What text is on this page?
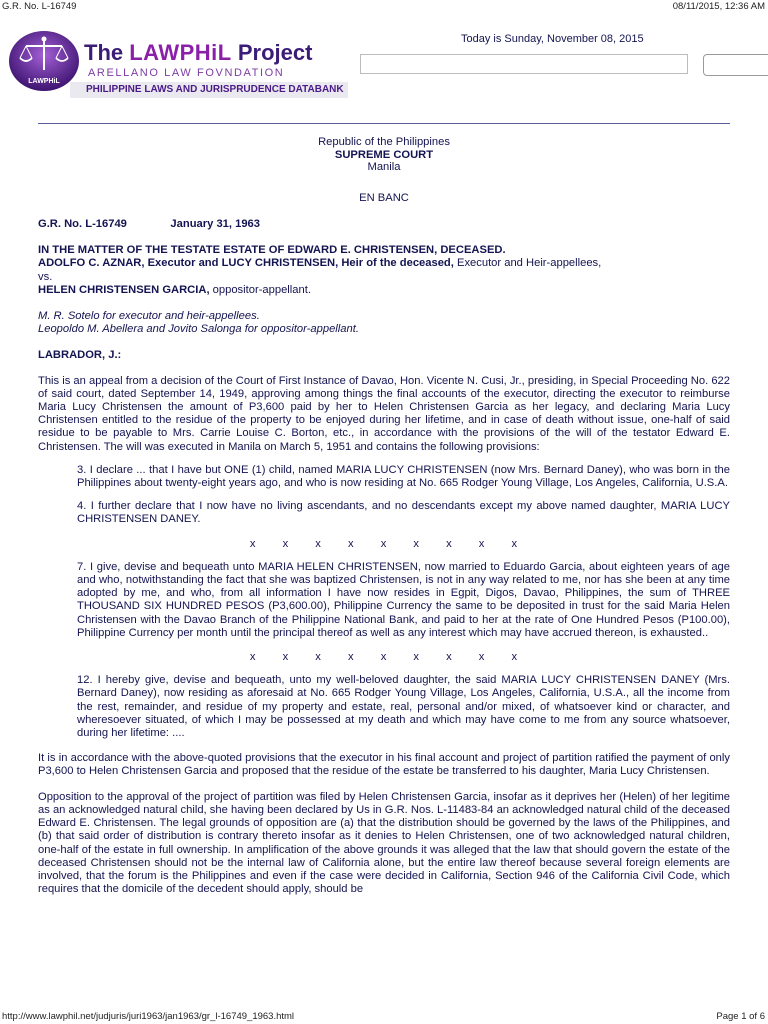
G.R. No. L-16749	08/11/2015, 12:36 AM
LAWPHiL
The LAWPHiL Project
ARELLANO LAW FOVNDATION
PHILIPPINE LAWS AND JURISPRUDENCE DATABANK
Today is Sunday, November 08, 2015
Republic of the Philippines
SUPREME COURT
Manila
EN BANC
G.R. No. L-16749	January 31, 1963
IN THE MATTER OF THE TESTATE ESTATE OF EDWARD E. CHRISTENSEN, DECEASED.
ADOLFO C. AZNAR, Executor and LUCY CHRISTENSEN, Heir of the deceased, Executor and Heir-appellees,
vs.
HELEN CHRISTENSEN GARCIA, oppositor-appellant.
M. R. Sotelo for executor and heir-appellees.
Leopoldo M. Abellera and Jovito Salonga for oppositor-appellant.
LABRADOR, J.:

This is an appeal from a decision of the Court of First Instance of Davao, Hon. Vicente N. Cusi, Jr., presiding, in Special Proceeding No. 622 of said court, dated September 14, 1949, approving among things the final accounts of the executor, directing the executor to reimburse Maria Lucy Christensen the amount of P3,600 paid by her to Helen Christensen Garcia as her legacy, and declaring Maria Lucy Christensen entitled to the residue of the property to be enjoyed during her lifetime, and in case of death without issue, one-half of said residue to be payable to Mrs. Carrie Louise C. Borton, etc., in accordance with the provisions of the will of the testator Edward E. Christensen. The will was executed in Manila on March 5, 1951 and contains the following provisions:

3. I declare ... that I have but ONE (1) child, named MARIA LUCY CHRISTENSEN (now Mrs. Bernard Daney), who was born in the Philippines about twenty-eight years ago, and who is now residing at No. 665 Rodger Young Village, Los Angeles, California, U.S.A.
4. I further declare that I now have no living ascendants, and no descendants except my above named daughter, MARIA LUCY CHRISTENSEN DANEY.
x x x x x x x x x
7. I give, devise and bequeath unto MARIA HELEN CHRISTENSEN, now married to Eduardo Garcia, about eighteen years of age and who, notwithstanding the fact that she was baptized Christensen, is not in any way related to me, nor has she been at any time adopted by me, and who, from all information I have now resides in Egpit, Digos, Davao, Philippines, the sum of THREE THOUSAND SIX HUNDRED PESOS (P3,600.00), Philippine Currency the same to be deposited in trust for the said Maria Helen Christensen with the Davao Branch of the Philippine National Bank, and paid to her at the rate of One Hundred Pesos (P100.00), Philippine Currency per month until the principal thereof as well as any interest which may have accrued thereon, is exhausted..
x x x x x x x x x
12. I hereby give, devise and bequeath, unto my well-beloved daughter, the said MARIA LUCY CHRISTENSEN DANEY (Mrs. Bernard Daney), now residing as aforesaid at No. 665 Rodger Young Village, Los Angeles, California, U.S.A., all the income from the rest, remainder, and residue of my property and estate, real, personal and/or mixed, of whatsoever kind or character, and wheresoever situated, of which I may be possessed at my death and which may have come to me from any source whatsoever, during her lifetime: ....

It is in accordance with the above-quoted provisions that the executor in his final account and project of partition ratified the payment of only P3,600 to Helen Christensen Garcia and proposed that the residue of the estate be transferred to his daughter, Maria Lucy Christensen.

Opposition to the approval of the project of partition was filed by Helen Christensen Garcia, insofar as it deprives her (Helen) of her legitime as an acknowledged natural child, she having been declared by Us in G.R. Nos. L-11483-84 an acknowledged natural child of the deceased Edward E. Christensen. The legal grounds of opposition are (a) that the distribution should be governed by the laws of the Philippines, and (b) that said order of distribution is contrary thereto insofar as it denies to Helen Christensen, one of two acknowledged natural children, one-half of the estate in full ownership. In amplification of the above grounds it was alleged that the law that should govern the estate of the deceased Christensen should not be the internal law of California alone, but the entire law thereof because several foreign elements are involved, that the forum is the Philippines and even if the case were decided in California, Section 946 of the California Civil Code, which requires that the domicile of the decedent should apply, should be

http://www.lawphil.net/judjuris/juri1963/jan1963/gr_l-16749_1963.html	Page 1 of 6
